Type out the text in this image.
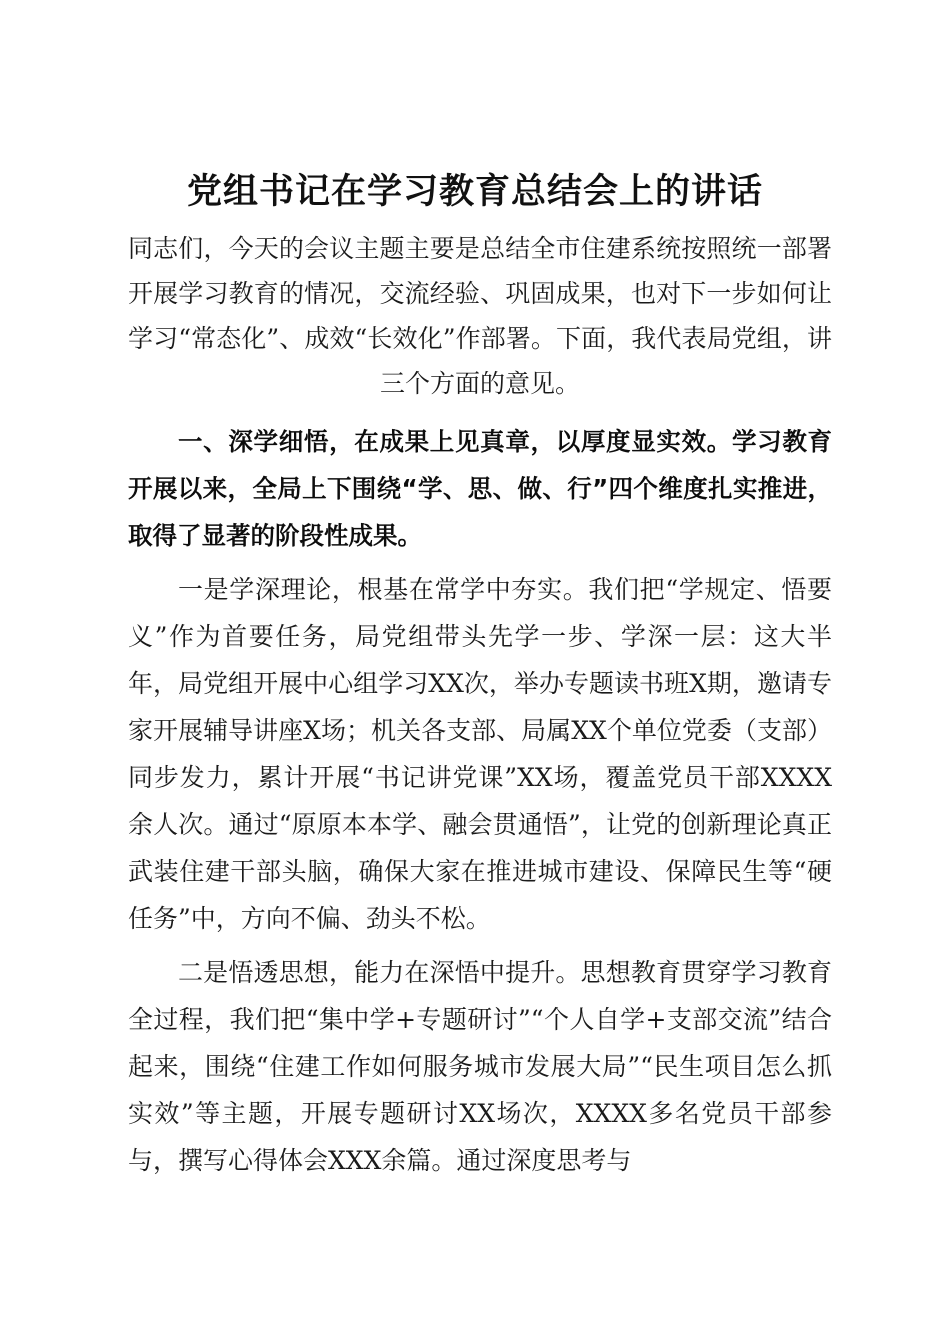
党组书记在学习教育总结会上的讲话

同志们，今天的会议主题主要是总结全市住建系统按照统一部署开展学习教育的情况，交流经验、巩固成果，也对下一步如何让学习“常态化”、成效“长效化”作部署。下面，我代表局党组，讲三个方面的意见。

一、深学细悟，在成果上见真章，以厚度显实效。学习教育开展以来，全局上下围绕“学、思、做、行”四个维度扎实推进，取得了显著的阶段性成果。

一是学深理论，根基在常学中夯实。我们把“学规定、悟要义”作为首要任务，局党组带头先学一步、学深一层：这大半年，局党组开展中心组学习XX次，举办专题读书班X期，邀请专家开展辅导讲座X场；机关各支部、局属XX个单位党委（支部）同步发力，累计开展“书记讲党课”XX场，覆盖党员干部XXXX余人次。通过“原原本本学、融会贯通悟”，让党的创新理论真正武装住建干部头脑，确保大家在推进城市建设、保障民生等“硬任务”中，方向不偏、劲头不松。

二是悟透思想，能力在深悟中提升。思想教育贯穿学习教育全过程，我们把“集中学+专题研讨”“个人自学+支部交流”结合起来，围绕“住建工作如何服务城市发展大局”“民生项目怎么抓实效”等主题，开展专题研讨XX场次，XXXX多名党员干部参与，撰写心得体会XXX余篇。通过深度思考与
